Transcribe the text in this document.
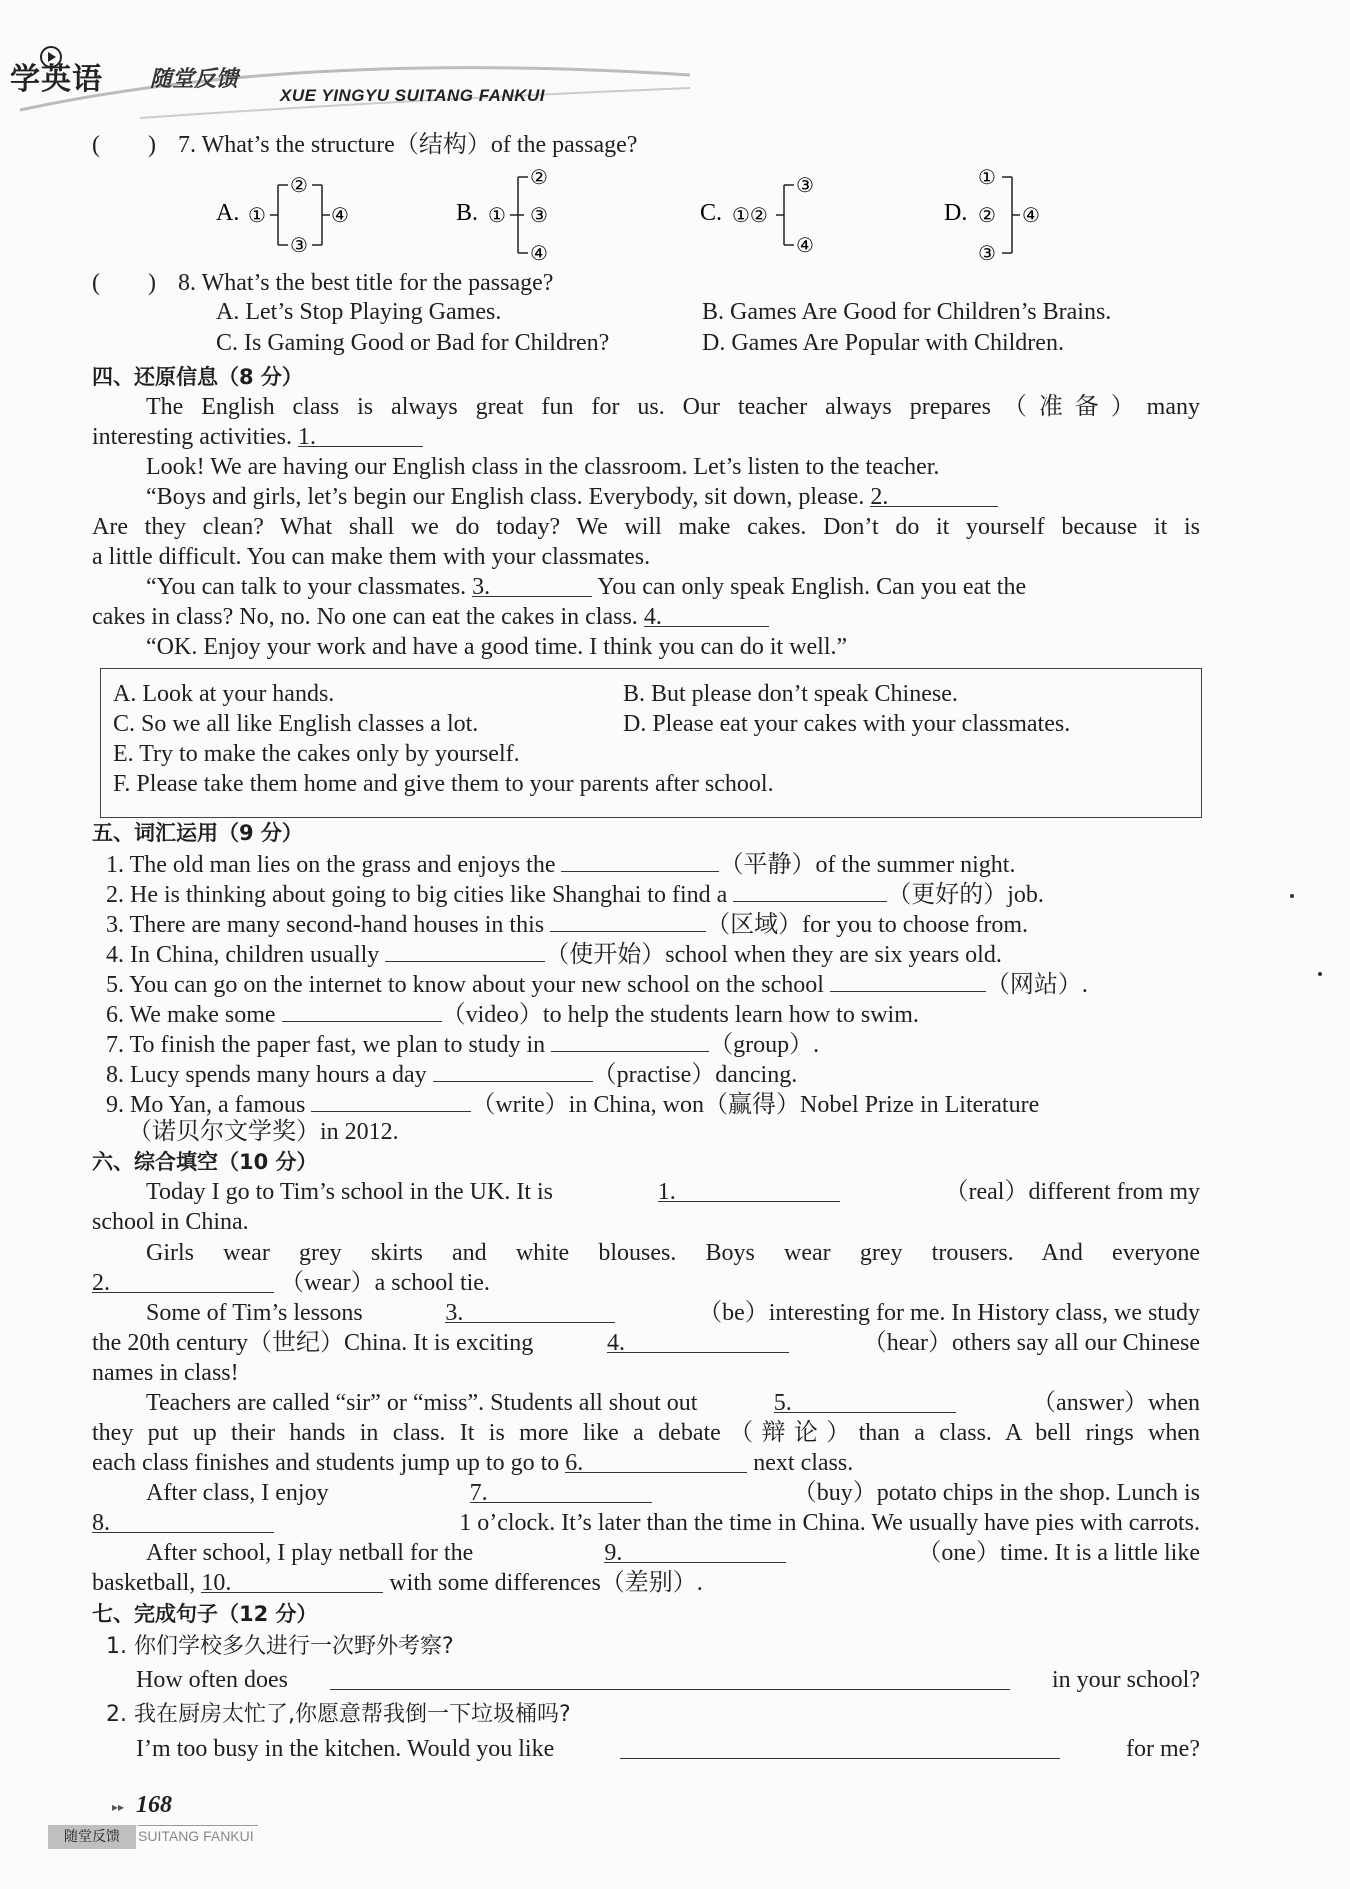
学英语 随堂反馈
XUE YINGYU SUITANG FANKUI
(　　) 7. What’s the structure（结构）of the passage?
A. ①
②
③
④	B. ①
②
③
④
C. ①②
③
④
D.
①
②
③
④
(　　) 8. What’s the best title for the passage?
A. Let’s Stop Playing Games.	B. Games Are Good for Children’s Brains.
C. Is Gaming Good or Bad for Children?	D. Games Are Popular with Children.
四、还原信息（8 分）
The English class is always great fun for us. Our teacher always prepares（准备）many
interesting activities. 1.
Look! We are having our English class in the classroom. Let’s listen to the teacher.
“Boys and girls, let’s begin our English class. Everybody, sit down, please. 2.
Are they clean? What shall we do today? We will make cakes. Don’t do it yourself because it is
a little difficult. You can make them with your classmates.
“You can talk to your classmates. 3.	You can only speak English. Can you eat the
cakes in class? No, no. No one can eat the cakes in class. 4.
“OK. Enjoy your work and have a good time. I think you can do it well.”
A. Look at your hands.	B. But please don’t speak Chinese.
C. So we all like English classes a lot.	D. Please eat your cakes with your classmates.
E. Try to make the cakes only by yourself.
F. Please take them home and give them to your parents after school.
五、词汇运用（9 分）
1. The old man lies on the grass and enjoys the	（平静）of the summer night.
2. He is thinking about going to big cities like Shanghai to find a	（更好的）job.
3. There are many second-hand houses in this	（区域）for you to choose from.
4. In China, children usually	（使开始）school when they are six years old.
5. You can go on the internet to know about your new school on the school	（网站）.
6. We make some	（video）to help the students learn how to swim.
7. To finish the paper fast, we plan to study in	（group）.
8. Lucy spends many hours a day	（practise）dancing.
9. Mo Yan, a famous	（write）in China, won（赢得）Nobel Prize in Literature
（诺贝尔文学奖）in 2012.
六、综合填空（10 分）
Today I go to Tim’s school in the UK. It is	1.	（real）different from my
school in China.
Girls wear grey skirts and white blouses. Boys wear grey trousers. And everyone
2.	（wear）a school tie.
Some of Tim’s lessons	3.	（be）interesting for me. In History class, we study
the 20th century（世纪）China. It is exciting	4.	（hear）others say all our Chinese
names in class!
Teachers are called “sir” or “miss”. Students all shout out	5.	（answer）when
they put up their hands in class. It is more like a debate（辩论）than a class. A bell rings when
each class finishes and students jump up to go to 6.	next class.
After class, I enjoy	7.	（buy）potato chips in the shop. Lunch is
8.	1 o’clock. It’s later than the time in China. We usually have pies with carrots.
After school, I play netball for the	9.	（one）time. It is a little like
basketball, 10.	with some differences（差别）.
七、完成句子（12 分）
1. 你们学校多久进行一次野外考察?
How often does	in your school?
2. 我在厨房太忙了,你愿意帮我倒一下垃圾桶吗?
I’m too busy in the kitchen. Would you like	for me?
▸▸ 168
随堂反馈	SUITANG FANKUI
